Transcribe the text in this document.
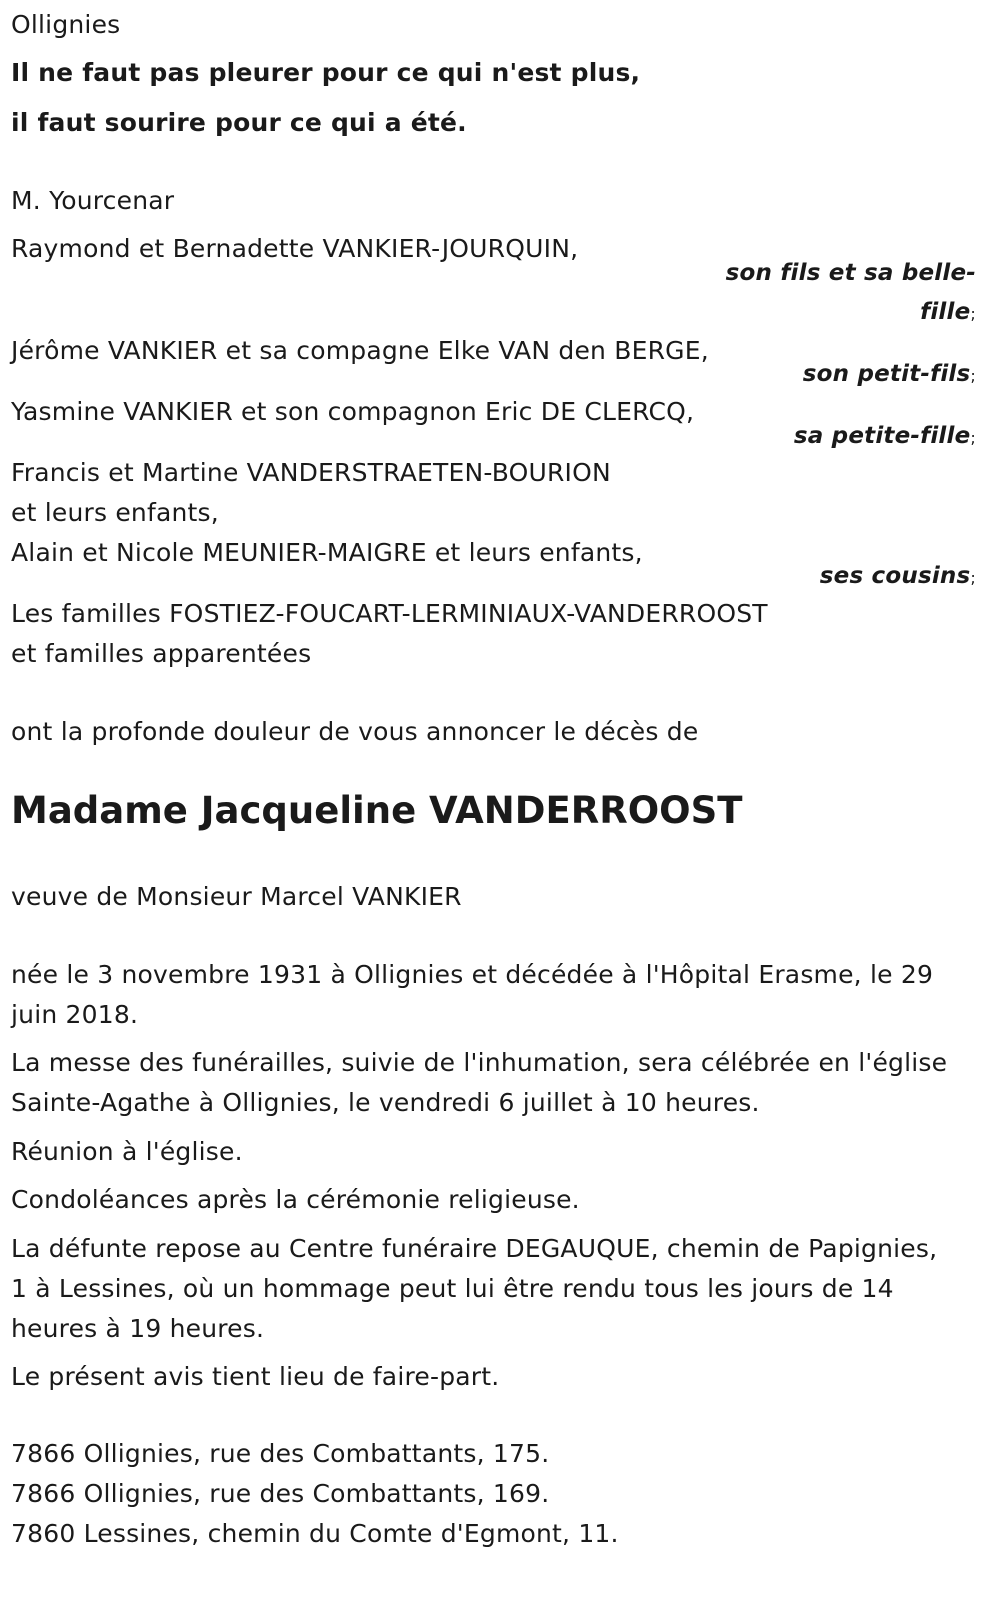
Ollignies
Il ne faut pas pleurer pour ce qui n'est plus,
il faut sourire pour ce qui a été.
M. Yourcenar
Raymond et Bernadette VANKIER-JOURQUIN,
son fils et sa belle-
fille;
Jérôme VANKIER et sa compagne Elke VAN den BERGE,
son petit-fils;
Yasmine VANKIER et son compagnon Eric DE CLERCQ,
sa petite-fille;
Francis et Martine VANDERSTRAETEN-BOURION
et leurs enfants,
Alain et Nicole MEUNIER-MAIGRE et leurs enfants,
ses cousins;
Les familles FOSTIEZ-FOUCART-LERMINIAUX-VANDERROOST
et familles apparentées
ont la profonde douleur de vous annoncer le décès de
Madame Jacqueline VANDERROOST
veuve de Monsieur Marcel VANKIER
née le 3 novembre 1931 à Ollignies et décédée à l'Hôpital Erasme, le 29
juin 2018.
La messe des funérailles, suivie de l'inhumation, sera célébrée en l'église
Sainte-Agathe à Ollignies, le vendredi 6 juillet à 10 heures.
Réunion à l'église.
Condoléances après la cérémonie religieuse.
La défunte repose au Centre funéraire DEGAUQUE, chemin de Papignies,
1 à Lessines, où un hommage peut lui être rendu tous les jours de 14
heures à 19 heures.
Le présent avis tient lieu de faire-part.
7866 Ollignies, rue des Combattants, 175.
7866 Ollignies, rue des Combattants, 169.
7860 Lessines, chemin du Comte d'Egmont, 11.
